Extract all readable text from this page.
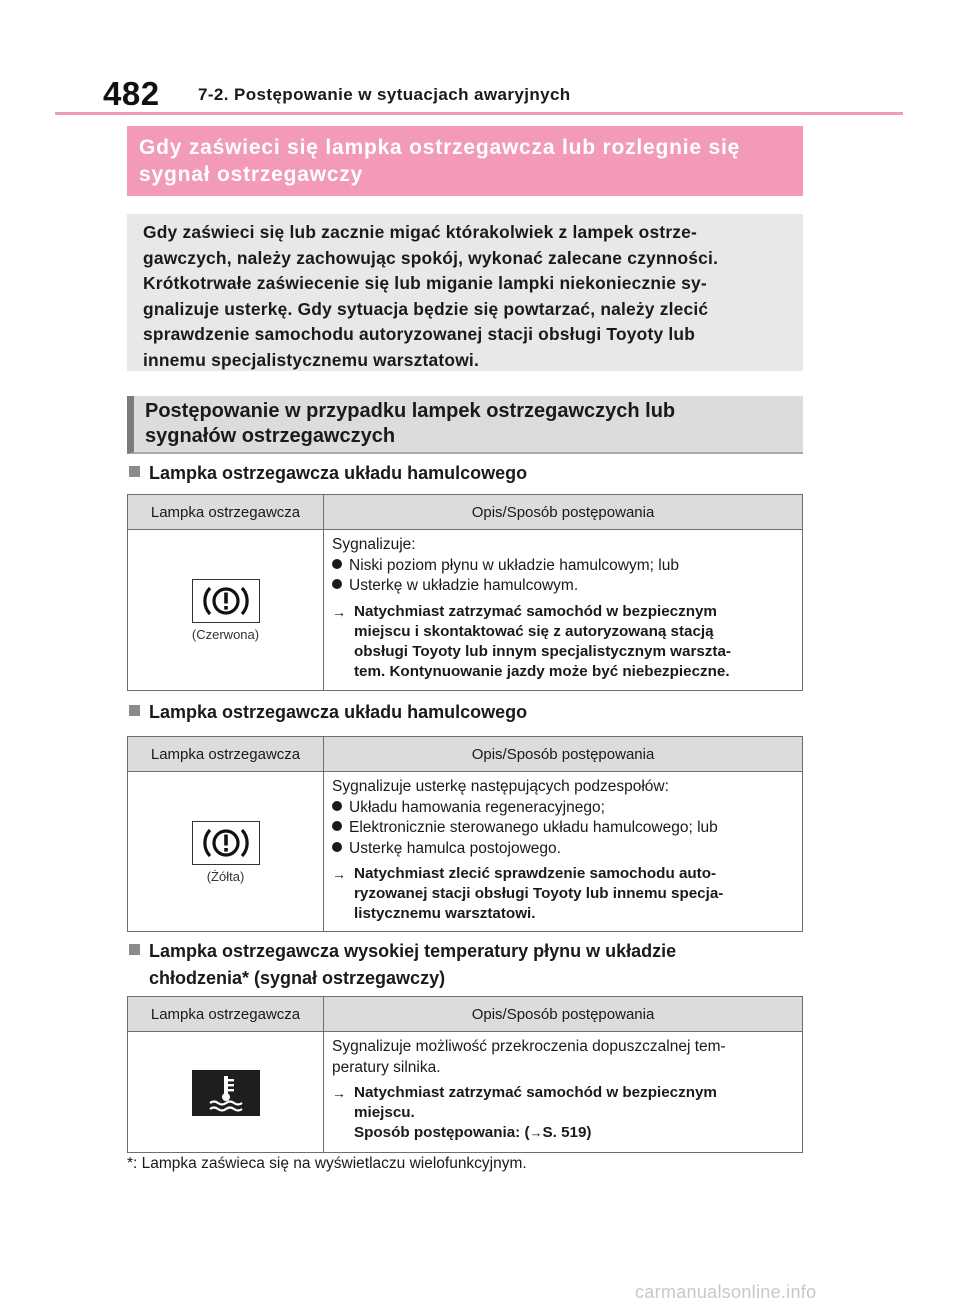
482 7-2. Postępowanie w sytuacjach awaryjnych
Gdy zaświeci się lampka ostrzegawcza lub rozlegnie się
sygnał ostrzegawczy
Gdy zaświeci się lub zacznie migać którakolwiek z lampek ostrze-
gawczych, należy zachowując spokój, wykonać zalecane czynności.
Krótkotrwałe zaświecenie się lub miganie lampki niekoniecznie sy-
gnalizuje usterkę. Gdy sytuacja będzie się powtarzać, należy zlecić
sprawdzenie samochodu autoryzowanej stacji obsługi Toyoty lub
innemu specjalistycznemu warsztatowi.
Postępowanie w przypadku lampek ostrzegawczych lub
sygnałów ostrzegawczych
Lampka ostrzegawcza układu hamulcowego
Lampka ostrzegawcza	Opis/Sposób postępowania
(Czerwona)
Sygnalizuje:
Niski poziom płynu w układzie hamulcowym; lub
Usterkę w układzie hamulcowym.
→ Natychmiast zatrzymać samochód w bezpiecznym
miejscu i skontaktować się z autoryzowaną stacją
obsługi Toyoty lub innym specjalistycznym warszta-
tem. Kontynuowanie jazdy może być niebezpieczne.
Lampka ostrzegawcza układu hamulcowego
Lampka ostrzegawcza	Opis/Sposób postępowania
(Żółta)
Sygnalizuje usterkę następujących podzespołów:
Układu hamowania regeneracyjnego;
Elektronicznie sterowanego układu hamulcowego; lub
Usterkę hamulca postojowego.
→ Natychmiast zlecić sprawdzenie samochodu auto-
ryzowanej stacji obsługi Toyoty lub innemu specja-
listycznemu warsztatowi.
Lampka ostrzegawcza wysokiej temperatury płynu w układzie
chłodzenia* (sygnał ostrzegawczy)
Lampka ostrzegawcza	Opis/Sposób postępowania
Sygnalizuje możliwość przekroczenia dopuszczalnej tem-
peratury silnika.
→ Natychmiast zatrzymać samochód w bezpiecznym
miejscu.
Sposób postępowania: (→S. 519)
*: Lampka zaświeca się na wyświetlaczu wielofunkcyjnym.
carmanualsonline.info
